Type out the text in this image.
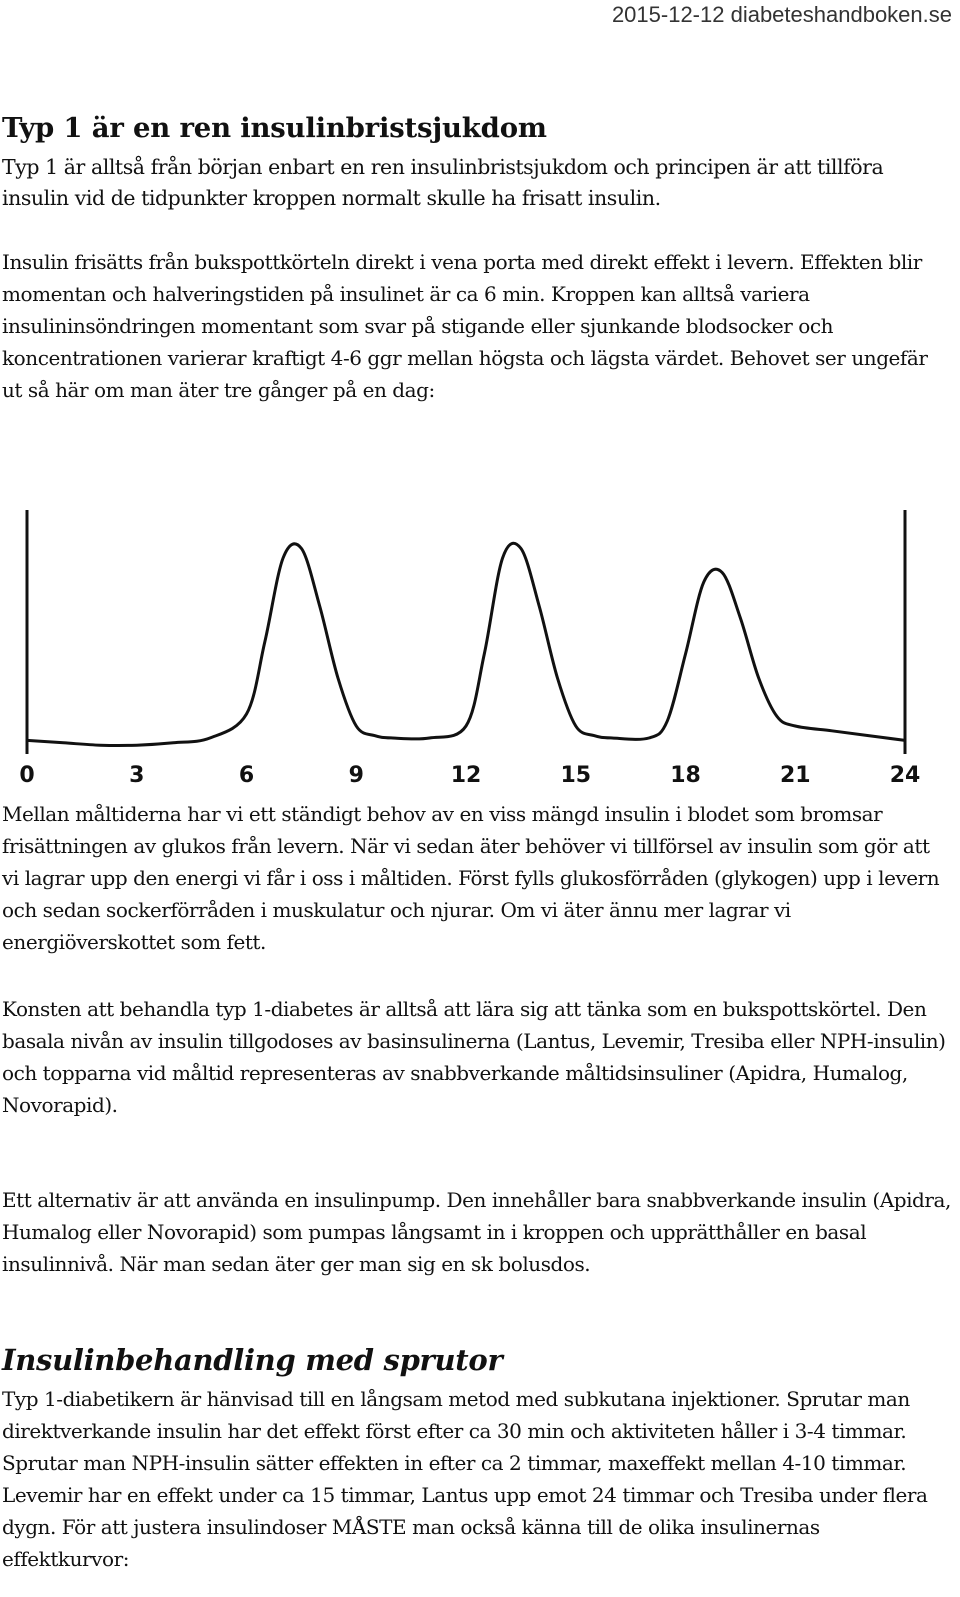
2015-12-12 diabeteshandboken.se
Typ 1 är en ren insulinbristsjukdom

Typ 1 är alltså från början enbart en ren insulinbristsjukdom och principen är att tillföra insulin vid de tidpunkter kroppen normalt skulle ha frisatt insulin.

Insulin frisätts från bukspottkörteln direkt i vena porta med direkt effekt i levern. Effekten blir momentan och halveringstiden på insulinet är ca 6 min. Kroppen kan alltså variera insulininsöndringen momentant som svar på stigande eller sjunkande blodsocker och koncentrationen varierar kraftigt 4-6 ggr mellan högsta och lägsta värdet. Behovet ser ungefär ut så här om man äter tre gånger på en dag:

0	3	6	9	12	15	18	21	24

Mellan måltiderna har vi ett ständigt behov av en viss mängd insulin i blodet som bromsar frisättningen av glukos från levern. När vi sedan äter behöver vi tillförsel av insulin som gör att vi lagrar upp den energi vi får i oss i måltiden. Först fylls glukosförråden (glykogen) upp i levern och sedan sockerförråden i muskulatur och njurar. Om vi äter ännu mer lagrar vi energiöverskottet som fett.

Konsten att behandla typ 1-diabetes är alltså att lära sig att tänka som en bukspottskörtel. Den basala nivån av insulin tillgodoses av basinsulinerna (Lantus, Levemir, Tresiba eller NPH-insulin) och topparna vid måltid representeras av snabbverkande måltidsinsuliner (Apidra, Humalog, Novorapid).

Ett alternativ är att använda en insulinpump. Den innehåller bara snabbverkande insulin (Apidra, Humalog eller Novorapid) som pumpas långsamt in i kroppen och upprätthåller en basal insulinnivå. När man sedan äter ger man sig en sk bolusdos.

Insulinbehandling med sprutor

Typ 1-diabetikern är hänvisad till en långsam metod med subkutana injektioner. Sprutar man direktverkande insulin har det effekt först efter ca 30 min och aktiviteten håller i 3-4 timmar. Sprutar man NPH-insulin sätter effekten in efter ca 2 timmar, maxeffekt mellan 4-10 timmar. Levemir har en effekt under ca 15 timmar, Lantus upp emot 24 timmar och Tresiba under flera dygn. För att justera insulindoser MÅSTE man också känna till de olika insulinernas effektkurvor:
